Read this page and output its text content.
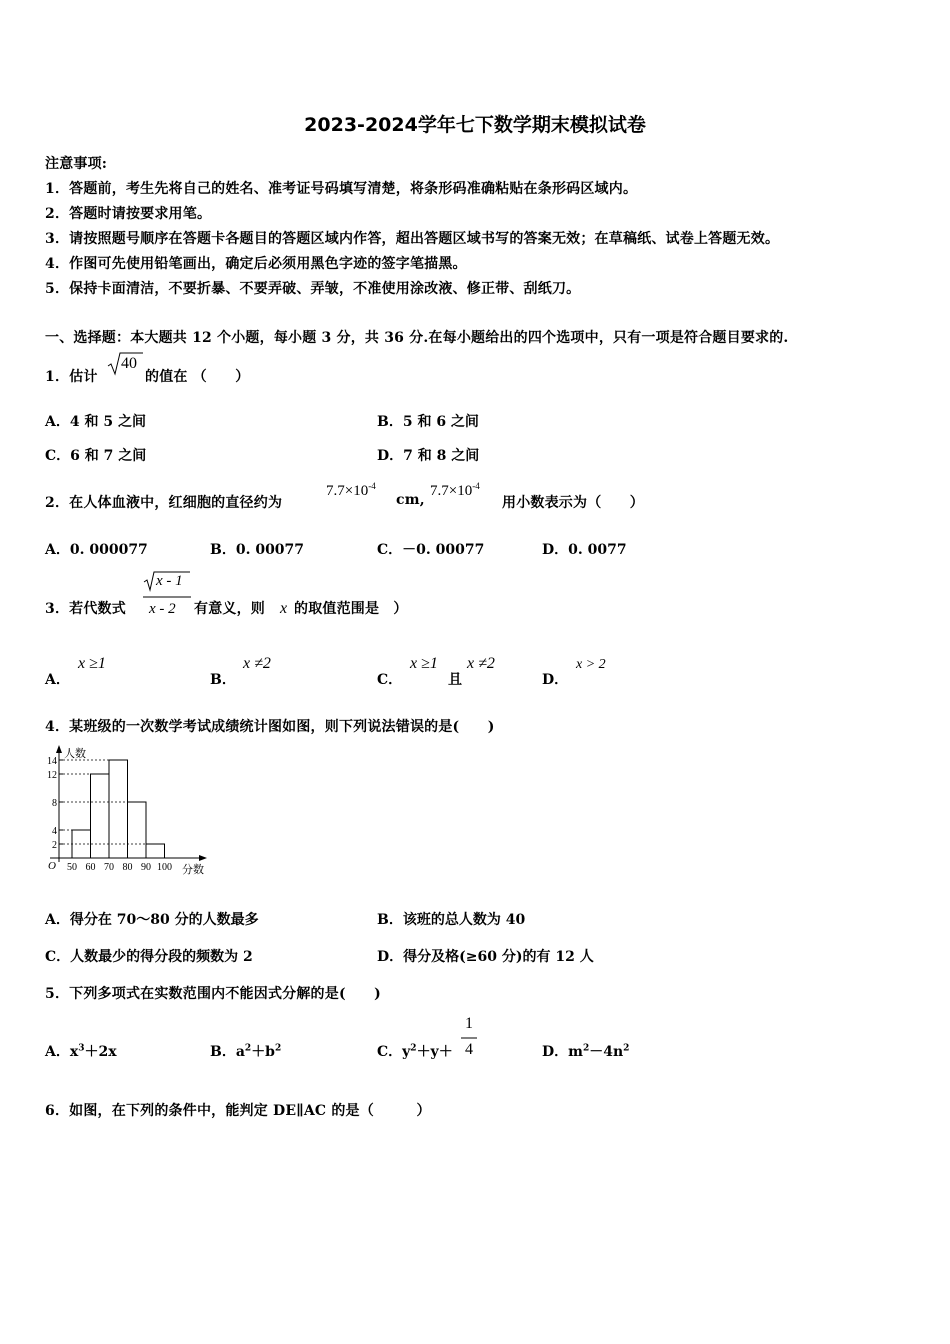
2023-2024学年七下数学期末模拟试卷
注意事项:
1．答题前，考生先将自己的姓名、准考证号码填写清楚，将条形码准确粘贴在条形码区域内。
2．答题时请按要求用笔。
3．请按照题号顺序在答题卡各题目的答题区域内作答，超出答题区域书写的答案无效；在草稿纸、试卷上答题无效。
4．作图可先使用铅笔画出，确定后必须用黑色字迹的签字笔描黑。
5．保持卡面清洁，不要折暴、不要弄破、弄皱，不准使用涂改液、修正带、刮纸刀。
一、选择题：本大题共 12 个小题，每小题 3 分，共 36 分.在每小题给出的四个选项中，只有一项是符合题目要求的.
1．估计
40
的值在 （　　）
A．4 和 5 之间	B．5 和 6 之间
C．6 和 7 之间	D．7 和 8 之间
2．在人体血液中，红细胞的直径约为
$7.7\times 10^{-4}$
cm,
$7.7\times 10^{-4}$
用小数表示为（　　）
A．0. 000077	B．0. 00077	C．－0. 00077	D．0. 0077
3．若代数式
x - 1
x - 2 有意义，则 x 的取值范围是　）
A．
x ≥1
B．
x ≠2
C．
x ≥1
且
x ≠2
D．
x > 2
4．某班级的一次数学考试成绩统计图如图，则下列说法错误的是(　　)
人数
分数
O
2
4
8
12
14
50 60 70 80 90 100
A．得分在 70～80 分的人数最多	B．该班的总人数为 40
C．人数最少的得分段的频数为 2	D．得分及格(≥60 分)的有 12 人
5．下列多项式在实数范围内不能因式分解的是(　　)
A．$x^3+2x$	B．$a^2+b^2$	C．$y^2+y+$
1
4	D．$m^2-4n^2$
6．如图，在下列的条件中，能判定 DE∥AC 的是（　　　）
